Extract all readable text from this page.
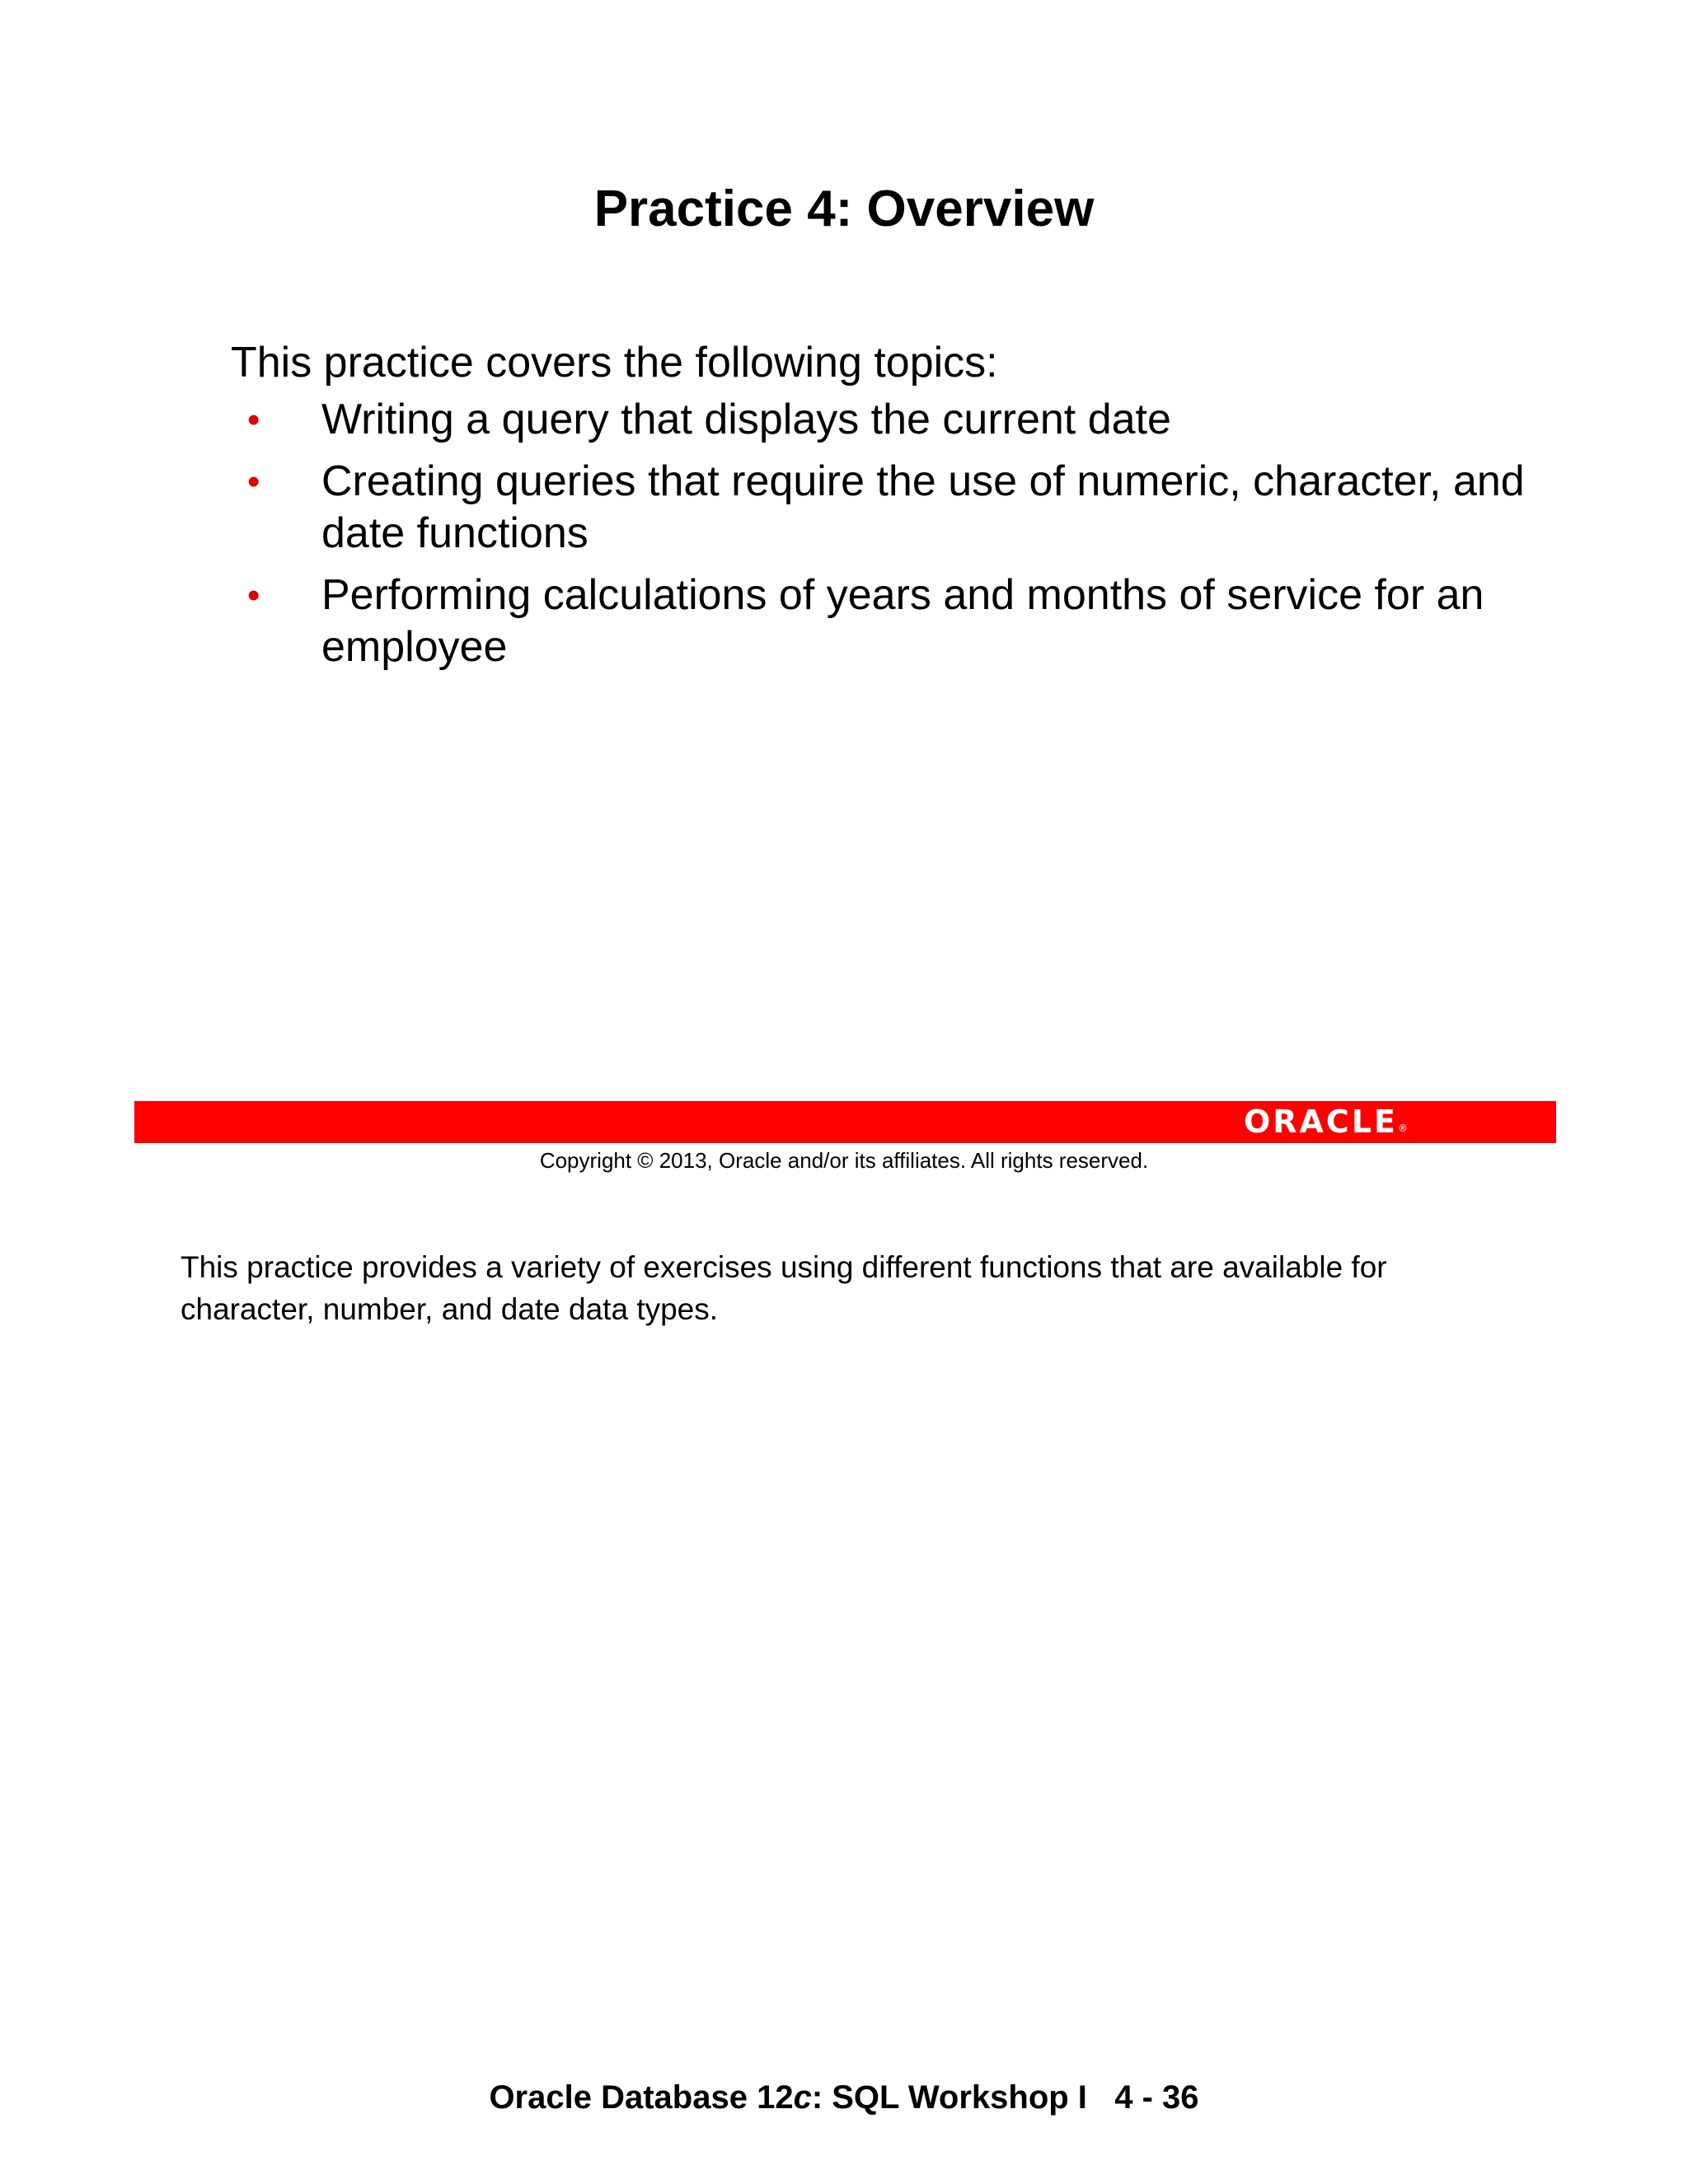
Practice 4: Overview

This practice covers the following topics:

• Writing a query that displays the current date
• Creating queries that require the use of numeric, character, and date functions
• Performing calculations of years and months of service for an employee
ORACLE®
Copyright © 2013, Oracle and/or its affiliates. All rights reserved.

This practice provides a variety of exercises using different functions that are available for character, number, and date data types.

Oracle Database 12c: SQL Workshop I 4 - 36
